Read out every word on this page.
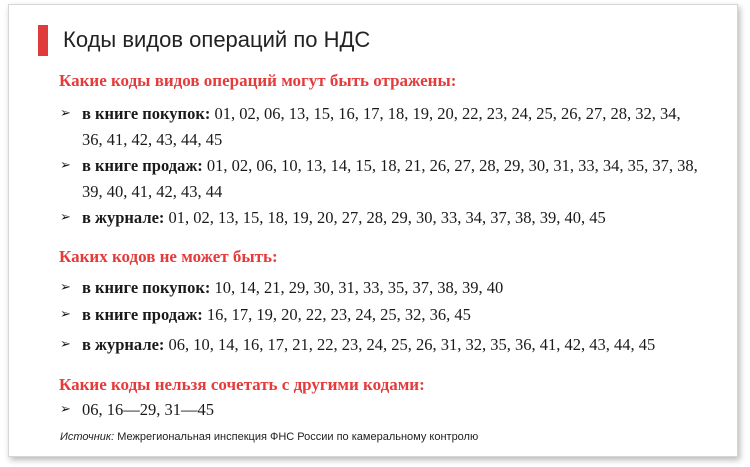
Коды видов операций по НДС
Какие коды видов операций могут быть отражены:
➢ в книге покупок: 01, 02, 06, 13, 15, 16, 17, 18, 19, 20, 22, 23, 24, 25, 26, 27, 28, 32, 34, 36, 41, 42, 43, 44, 45
➢ в книге продаж: 01, 02, 06, 10, 13, 14, 15, 18, 21, 26, 27, 28, 29, 30, 31, 33, 34, 35, 37, 38, 39, 40, 41, 42, 43, 44
➢ в журнале: 01, 02, 13, 15, 18, 19, 20, 27, 28, 29, 30, 33, 34, 37, 38, 39, 40, 45
Каких кодов не может быть:
➢ в книге покупок: 10, 14, 21, 29, 30, 31, 33, 35, 37, 38, 39, 40
➢ в книге продаж: 16, 17, 19, 20, 22, 23, 24, 25, 32, 36, 45
➢ в журнале: 06, 10, 14, 16, 17, 21, 22, 23, 24, 25, 26, 31, 32, 35, 36, 41, 42, 43, 44, 45
Какие коды нельзя сочетать с другими кодами:
➢ 06, 16—29, 31—45
Источник: Межрегиональная инспекция ФНС России по камеральному контролю
